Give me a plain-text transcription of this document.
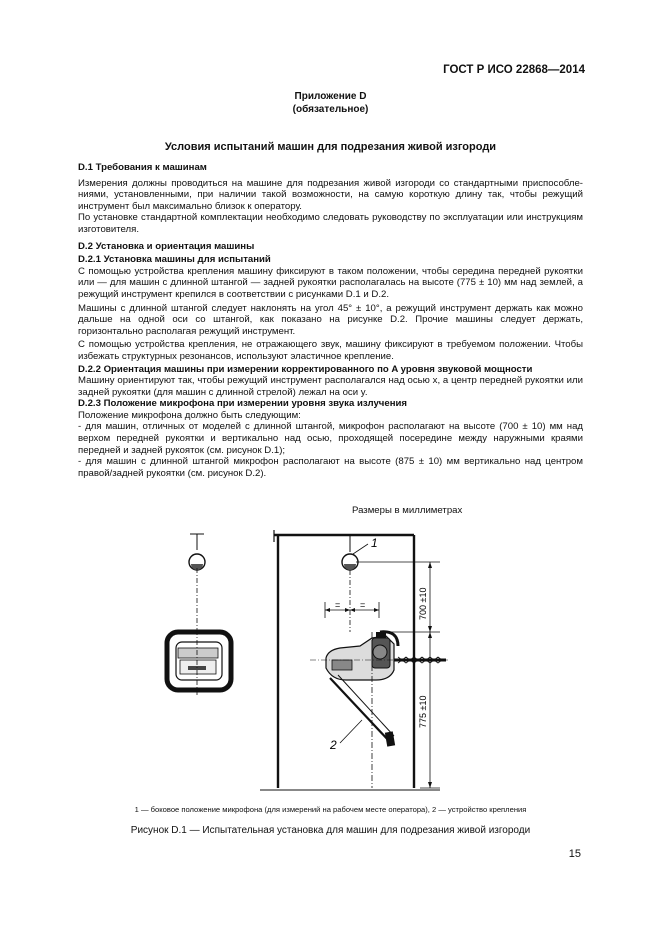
ГОСТ Р ИСО 22868—2014
Приложение D
(обязательное)
Условия испытаний машин для подрезания живой изгороди
D.1 Требования к машинам

Измерения должны проводиться на машине для подрезания живой изгороди со стандартными приспособлениями, установленными, при наличии такой возможности, на самую короткую длину так, чтобы режущий инструмент был максимально близок к оператору.

По установке стандартной комплектации необходимо следовать руководству по эксплуатации или инструкциям изготовителя.

D.2 Установка и ориентация машины
D.2.1 Установка машины для испытаний

С помощью устройства крепления машину фиксируют в таком положении, чтобы середина передней рукоятки или — для машин с длинной штангой — задней рукоятки располагалась на высоте (775 ± 10) мм над землей, а режущий инструмент крепился в соответствии с рисунками D.1 и D.2.

Машины с длинной штангой следует наклонять на угол 45° ± 10°, а режущий инструмент держать как можно дальше на одной оси со штангой, как показано на рисунке D.2. Прочие машины следует держать, горизонтально располагая режущий инструмент.

С помощью устройства крепления, не отражающего звук, машину фиксируют в требуемом положении. Чтобы избежать структурных резонансов, используют эластичное крепление.

D.2.2 Ориентация машины при измерении корректированного по A уровня звуковой мощности

Машину ориентируют так, чтобы режущий инструмент располагался над осью x, а центр передней рукоятки или задней рукоятки (для машин с длинной стрелой) лежал на оси y.

D.2.3 Положение микрофона при измерении уровня звука излучения

Положение микрофона должно быть следующим:

- для машин, отличных от моделей с длинной штангой, микрофон располагают на высоте (700 ± 10) мм над верхом передней рукоятки и вертикально над осью, проходящей посередине между наружными краями передней и задней рукояток (см. рисунок D.1);

- для машин с длинной штангой микрофон располагают на высоте (875 ± 10) мм вертикально над центром правой/задней рукоятки (см. рисунок D.2).

Размеры в миллиметрах
1
= =
2
700 ±10
775 ±10
1 — боковое положение микрофона (для измерений на рабочем месте оператора), 2 — устройство крепления
Рисунок D.1 — Испытательная установка для машин для подрезания живой изгороди
15
